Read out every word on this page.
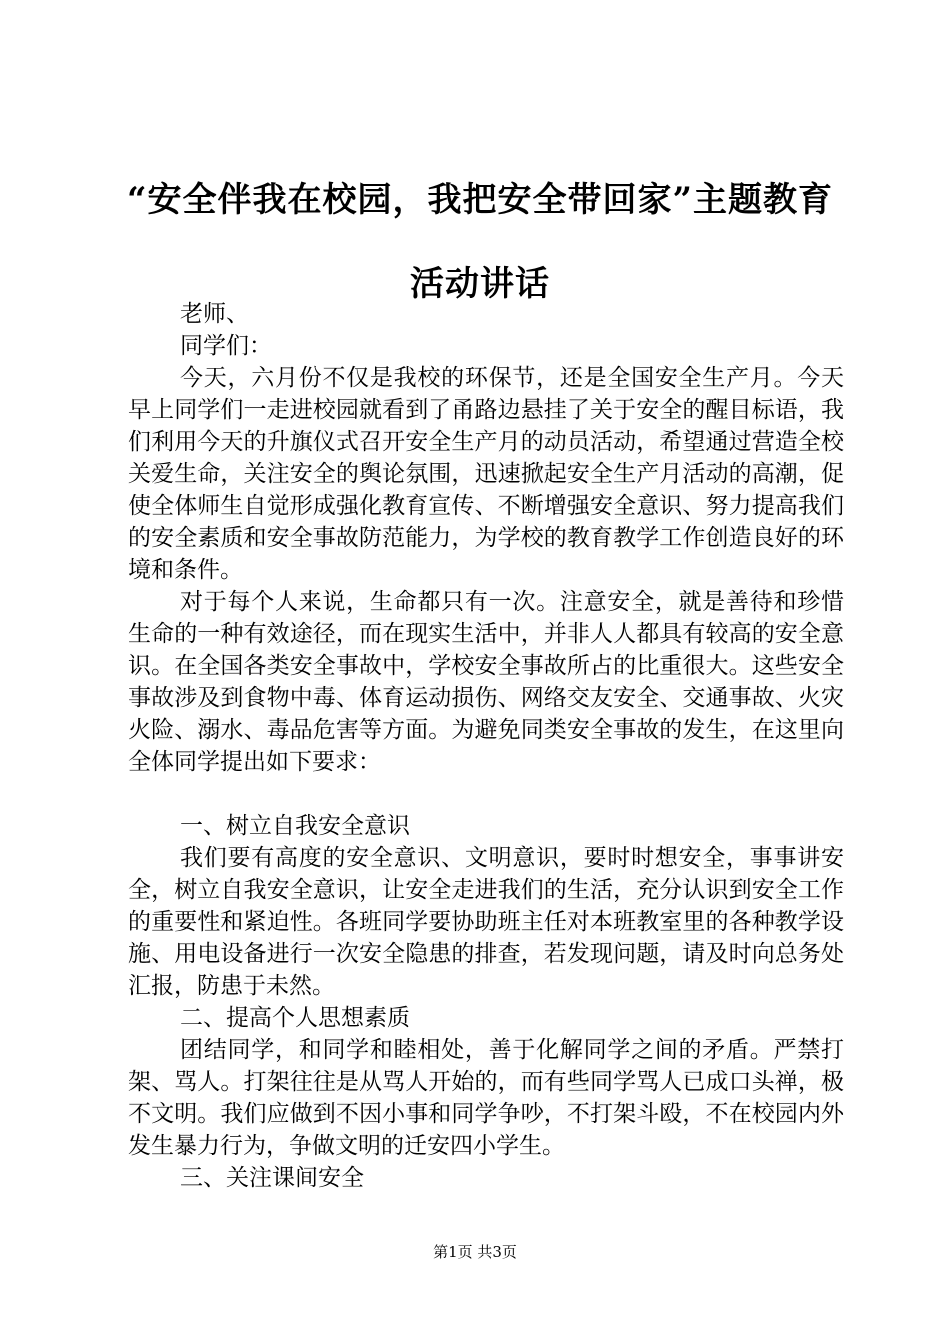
“安全伴我在校园，我把安全带回家”主题教育活动讲话

老师、

同学们：

今天，六月份不仅是我校的环保节，还是全国安全生产月。今天早上同学们一走进校园就看到了甬路边悬挂了关于安全的醒目标语，我们利用今天的升旗仪式召开安全生产月的动员活动，希望通过营造全校关爱生命，关注安全的舆论氛围，迅速掀起安全生产月活动的高潮，促使全体师生自觉形成强化教育宣传、不断增强安全意识、努力提高我们的安全素质和安全事故防范能力，为学校的教育教学工作创造良好的环境和条件。

对于每个人来说，生命都只有一次。注意安全，就是善待和珍惜生命的一种有效途径，而在现实生活中，并非人人都具有较高的安全意识。在全国各类安全事故中，学校安全事故所占的比重很大。这些安全事故涉及到食物中毒、体育运动损伤、网络交友安全、交通事故、火灾火险、溺水、毒品危害等方面。为避免同类安全事故的发生，在这里向全体同学提出如下要求：

一、树立自我安全意识

我们要有高度的安全意识、文明意识，要时时想安全，事事讲安全，树立自我安全意识，让安全走进我们的生活，充分认识到安全工作的重要性和紧迫性。各班同学要协助班主任对本班教室里的各种教学设施、用电设备进行一次安全隐患的排查，若发现问题，请及时向总务处汇报，防患于未然。

二、提高个人思想素质

团结同学，和同学和睦相处，善于化解同学之间的矛盾。严禁打架、骂人。打架往往是从骂人开始的，而有些同学骂人已成口头禅，极不文明。我们应做到不因小事和同学争吵，不打架斗殴，不在校园内外发生暴力行为，争做文明的迁安四小学生。

三、关注课间安全

第1页 共3页
